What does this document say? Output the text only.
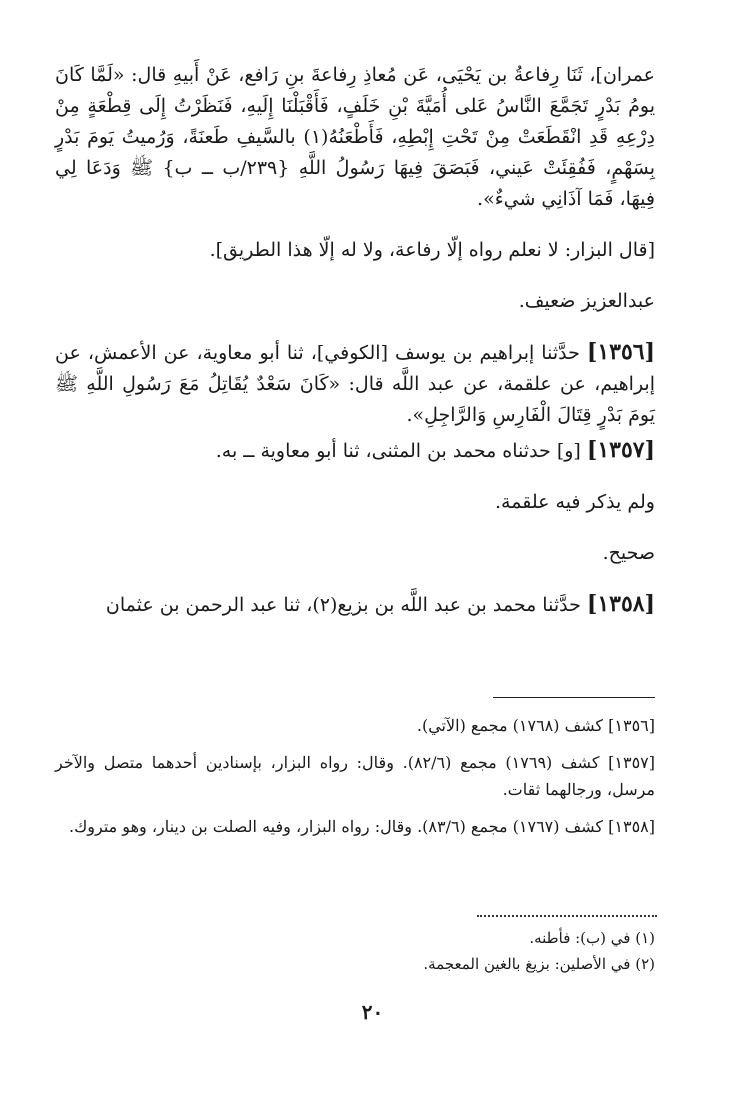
عمران]، ثَنَا رِفاعةُ بن يَحْيَى، عَن مُعاذِ رِفاعةَ بنِ رَافع، عَنْ أَبيهِ قال: «لَمَّا كَانَ يومُ بَدْرٍ تَجَمَّعَ النَّاسُ عَلى أُمَيَّةَ بْنِ خَلَفٍ، فَأَقْبَلْنَا إِلَيهِ، فَنَظَرْتُ إِلَى قِطْعَةٍ مِنْ دِرْعِهِ قَدِ انْقَطَعَتْ مِنْ تَحْتِ إِبْطِهِ، فَأَطْعَنُهُ(١) بالسَّيفِ طَعنَةً، وَرُميتُ يَومَ بَدْرٍ بِسَهْمٍ، فَفُقِئَتْ عَيني، فَبَصَقَ فِيهَا رَسُولُ اللَّهِ {٢٣٩/ب ــ ب} ﷺ وَدَعَا لِي فِيهَا، فَمَا آذَانِي شيءٌ».

[قال البزار: لا نعلم رواه إلّا رفاعة، ولا له إلّا هذا الطريق].

عبدالعزيز ضعيف.

[١٣٥٦] حدَّثنا إبراهيم بن يوسف [الكوفي]، ثنا أبو معاوية، عن الأعمش، عن إبراهيم، عن علقمة، عن عبد اللَّه قال: «كَانَ سَعْدٌ يُقَاتِلُ مَعَ رَسُولِ اللَّهِ ﷺ يَومَ بَدْرٍ قِتَالَ الْفَارِسِ وَالرَّاجِلِ».

[١٣٥٧] [و] حدثناه محمد بن المثنى، ثنا أبو معاوية ــ به.

ولم يذكر فيه علقمة.

صحيح.

[١٣٥٨] حدَّثنا محمد بن عبد اللَّه بن بزيع(٢)، ثنا عبد الرحمن بن عثمان

[١٣٥٦] كشف (١٧٦٨) مجمع (الآتي).

[١٣٥٧] كشف (١٧٦٩) مجمع (٨٢/٦). وقال: رواه البزار، بإسنادين أحدهما متصل والآخر مرسل، ورجالهما ثقات.

[١٣٥٨] كشف (١٧٦٧) مجمع (٨٣/٦). وقال: رواه البزار، وفيه الصلت بن دينار، وهو متروك.

(١) في (ب): فأطنه.

(٢) في الأصلين: بزيغ بالغين المعجمة.

٢٠
